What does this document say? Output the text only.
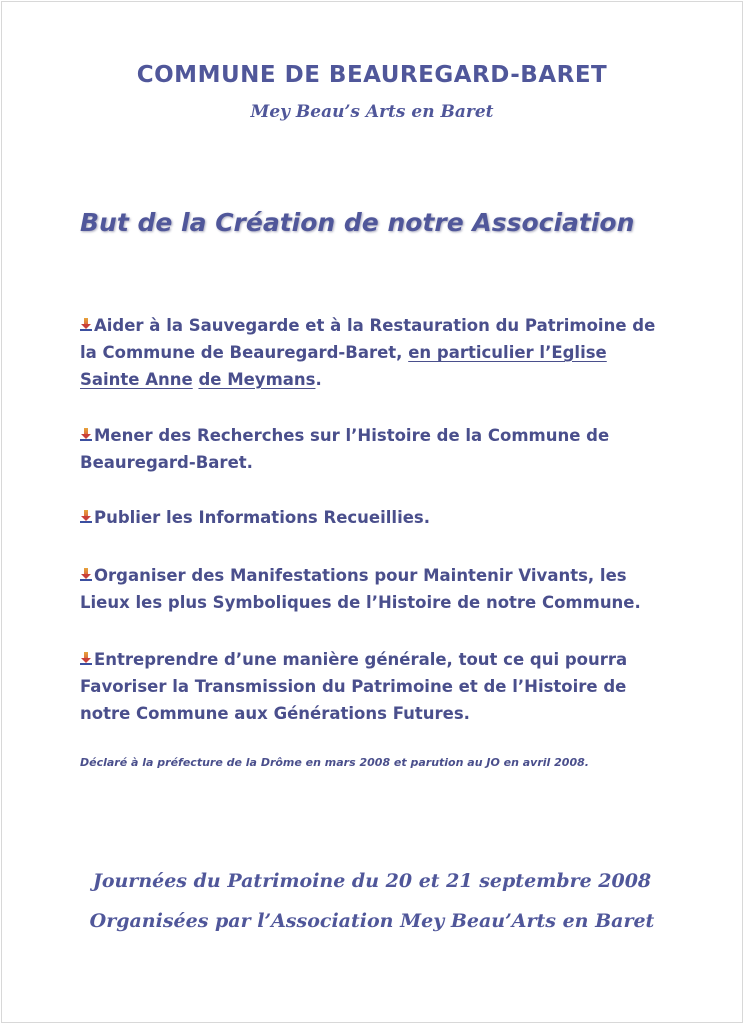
COMMUNE DE BEAUREGARD-BARET
Mey Beau’s Arts en Baret
But de la Création de notre Association
Aider à la Sauvegarde et à la Restauration du Patrimoine de
la Commune de Beauregard-Baret, en particulier l’Eglise
Sainte Anne de Meymans.
Mener des Recherches sur l’Histoire de la Commune de
Beauregard-Baret.
Publier les Informations Recueillies.
Organiser des Manifestations pour Maintenir Vivants, les
Lieux les plus Symboliques de l’Histoire de notre Commune.
Entreprendre d’une manière générale, tout ce qui pourra
Favoriser la Transmission du Patrimoine et de l’Histoire de
notre Commune aux Générations Futures.
Déclaré à la préfecture de la Drôme en mars 2008 et parution au JO en avril 2008.
Journées du Patrimoine du 20 et 21 septembre 2008
Organisées par l’Association Mey Beau’Arts en Baret
